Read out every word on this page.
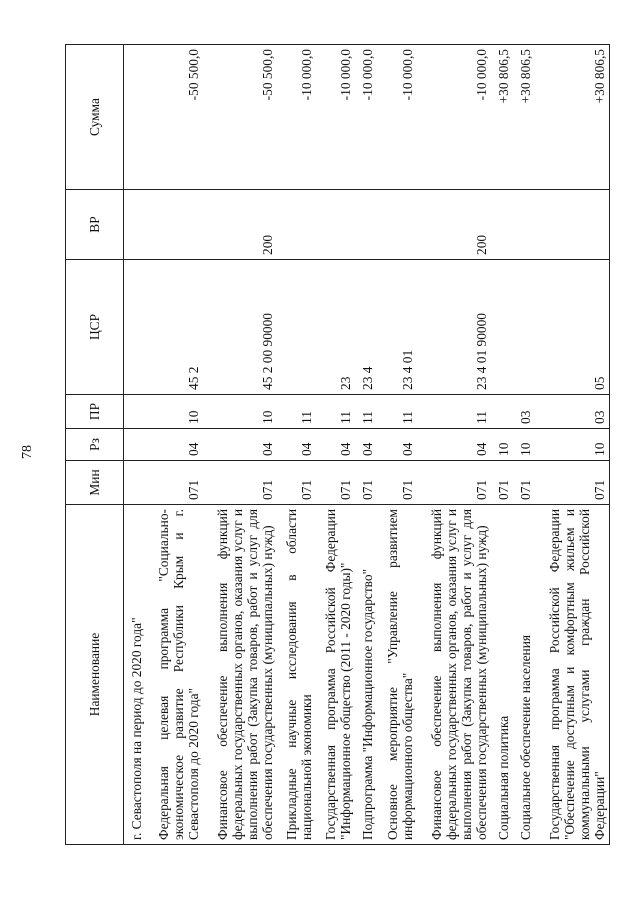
78
Наименование	Мин	Рз	ПР	ЦСР	ВР	Сумма
г. Севастополя на период до 2020 года"						
Федеральная целевая программа "Социально-экономическое развитие Республики Крым и г. Севастополя до 2020 года"	071	04	10	45 2		-50 500,0
Финансовое обеспечение выполнения функций федеральных государственных органов, оказания услуг и выполнения работ (Закупка товаров, работ и услуг для обеспечения государственных (муниципальных) нужд)	071	04	10	45 2 00 90000	200	-50 500,0
Прикладные научные исследования в области национальной экономики	071	04	11			-10 000,0
Государственная программа Российской Федерации "Информационное общество (2011 - 2020 годы)"	071	04	11	23		-10 000,0
Подпрограмма "Информационное государство"	071	04	11	23 4		-10 000,0
Основное мероприятие "Управление развитием информационного общества"	071	04	11	23 4 01		-10 000,0
Финансовое обеспечение выполнения функций федеральных государственных органов, оказания услуг и выполнения работ (Закупка товаров, работ и услуг для обеспечения государственных (муниципальных) нужд)	071	04	11	23 4 01 90000	200	-10 000,0
Социальная политика	071	10				+30 806,5
Социальное обеспечение населения	071	10	03			+30 806,5
Государственная программа Российской Федерации "Обеспечение доступным и комфортным жильем и коммунальными услугами граждан Российской Федерации"	071	10	03	05		+30 806,5
